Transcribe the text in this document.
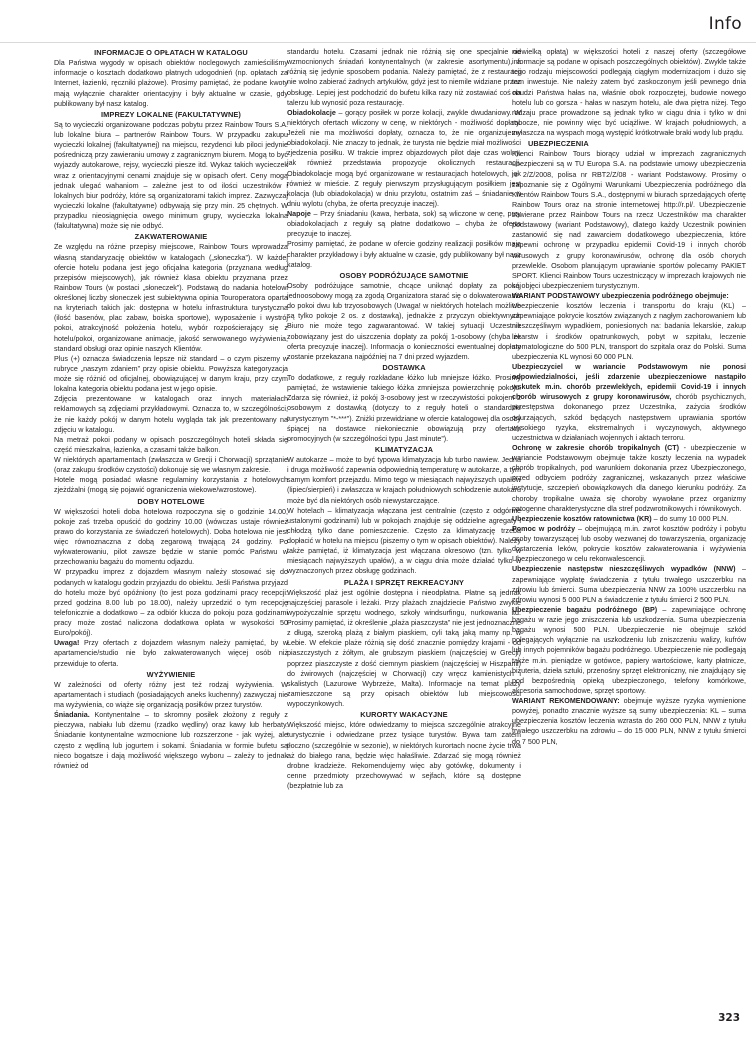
Info
INFORMACJE O OPŁATACH W KATALOGU

Dla Państwa wygody w opisach obiektów noclegowych zamieściliśmy informacje o kosztach dodatkowo płatnych udogodnień (np. opłatach za Internet, łazienki, ręczniki plażowe). Prosimy pamiętać, że podane kwoty mają wyłącznie charakter orientacyjny i były aktualne w czasie, gdy publikowany był nasz katalog.

IMPREZY LOKALNE (FAKULTATYWNE)

Są to wycieczki organizowane podczas pobytu przez Rainbow Tours S.A. lub lokalne biura – partnerów Rainbow Tours. W przypadku zakupu wycieczki lokalnej (fakultatywnej) na miejscu, rezydenci lub piloci jedynie pośredniczą przy zawieraniu umowy z zagranicznym biurem. Mogą to być wyjazdy autokarowe, rejsy, wycieczki piesze itd. Wykaz takich wycieczek wraz z orientacyjnymi cenami znajduje się w opisach ofert. Ceny mogą jednak ulegać wahaniom – zależne jest to od ilości uczestników i lokalnych biur podróży, które są organizatorami takich imprez. Zazwyczaj wycieczki lokalne (fakultatywne) odbywają się przy min. 25 chętnych. W przypadku nieosiągnięcia owego minimum grupy, wycieczka lokalna (fakultatywna) może się nie odbyć.

ZAKWATEROWANIE

Ze względu na różne przepisy miejscowe, Rainbow Tours wprowadza własną standaryzację obiektów w katalogach („słoneczka”). W każdej ofercie hotelu podana jest jego oficjalna kategoria (przyznana według przepisów miejscowych), jak również klasa obiektu przyznana przez Rainbow Tours (w postaci „słoneczek”). Podstawą do nadania hotelowi określonej liczby słoneczek jest subiektywna opinia Touroperatora oparta na kryteriach takich jak: dostępna w hotelu infrastruktura turystyczna (ilość basenów, plac zabaw, boiska sportowe), wyposażenie i wystrój pokoi, atrakcyjność położenia hotelu, wybór rozpościerający się z hotelu/pokoi, organizowane animacje, jakość serwowanego wyżywienia, standard obsługi oraz opinie naszych Klientów.

Plus (+) oznacza świadczenia lepsze niż standard – o czym piszemy w rubryce „naszym zdaniem” przy opisie obiektu. Powyższa kategoryzacja może się różnić od oficjalnej, obowiązującej w danym kraju, przy czym lokalna kategoria obiektu podana jest w jego opisie.

Zdjęcia prezentowane w katalogach oraz innych materiałach reklamowych są zdjęciami przykładowymi. Oznacza to, w szczególności, że nie każdy pokój w danym hotelu wygląda tak jak prezentowany na zdjęciu w katalogu.

Na metraż pokoi podany w opisach poszczególnych hoteli składa się część mieszkalna, łazienka, a czasami także balkon.

W niektórych apartamentach (zwłaszcza w Grecji i Chorwacji) sprzątanie (oraz zakupu środków czystości) dokonuje się we własnym zakresie.

Hotele mogą posiadać własne regulaminy korzystania z hotelowych zjeżdżalni (mogą się pojawić ograniczenia wiekowe/wzrostowe).

DOBY HOTELOWE

W większości hoteli doba hotelowa rozpoczyna się o godzinie 14.00, pokoje zaś trzeba opuścić do godziny 10.00 (wówczas ustaje również prawo do korzystania ze świadczeń hotelowych). Doba hotelowa nie jest więc równoznaczna z dobą zegarową trwającą 24 godziny. Po wykwaterowaniu, pilot zawsze będzie w stanie pomóc Państwu w przechowaniu bagażu do momentu odjazdu.

W przypadku imprez z dojazdem własnym należy stosować się do podanych w katalogu godzin przyjazdu do obiektu. Jeśli Państwa przyjazd do hotelu może być opóźniony (to jest poza godzinami pracy recepcji: przed godzina 8.00 lub po 18.00), należy uprzedzić o tym recepcję telefonicznie a dodatkowo – za odbiór klucza do pokoju poza godzinami pracy może zostać naliczona dodatkowa opłata w wysokości 50 Euro/pokój).

Uwaga! Przy ofertach z dojazdem własnym należy pamiętać, by w apartamencie/studio nie było zakwaterowanych więcej osób niż przewiduje to oferta.

WYŻYWIENIE

W zależności od oferty różny jest też rodzaj wyżywienia. W apartamentach i studiach (posiadających aneks kuchenny) zazwyczaj nie ma wyżywienia, co wiąże się organizacją posiłków przez turystów.

Śniadania. Kontynentalne – to skromny posiłek złożony z reguły z pieczywa, nabiału lub dżemu (rzadko wędliny) oraz kawy lub herbaty. Śniadanie kontynentalne wzmocnione lub rozszerzone - jak wyżej, ale często z wędliną lub jogurtem i sokami. Śniadania w formie bufetu są nieco bogatsze i dają możliwość większego wyboru – zależy to jednak również od

standardu hotelu. Czasami jednak nie różnią się one specjalnie od wzmocnionych śniadań kontynentalnych (w zakresie asortymentu), a różnią się jedynie sposobem podania. Należy pamiętać, że z restauracji nie wolno zabierać żadnych artykułów, gdyż jest to niemile widziane przez obsługę. Lepiej jest podchodzić do bufetu kilka razy niż zostawiać coś na talerzu lub wynosić poza restaurację.

Obiadokolacje – gorący posiłek w porze kolacji, zwykle dwudaniowy. W niektórych ofertach wliczony w cenę, w niektórych - możliwość dopłaty. Jeżeli nie ma możliwości dopłaty, oznacza to, że nie organizujemy obiadokolacji. Nie znaczy to jednak, że turysta nie będzie miał możliwości zjedzenia posiłku. W trakcie imprez objazdowych pilot daje czas wolny, jak również przedstawia propozycje okolicznych restauracji. Obiadokolacje mogą być organizowane w restauracjach hotelowych, jak również w mieście. Z reguły pierwszym przysługującym posiłkiem jest kolacja (lub obiadokolacja) w dniu przylotu, ostatnim zaś – śniadanie w dniu wylotu (chyba, że oferta precyzuje inaczej).

Napoje – Przy śniadaniu (kawa, herbata, sok) są wliczone w cenę, przy obiadokolacjach z reguły są płatne dodatkowo – chyba że oferta precyzuje to inaczej.

Prosimy pamiętać, że podane w ofercie godziny realizacji posiłków mają charakter przykładowy i były aktualne w czasie, gdy publikowany był nasz katalog.

OSOBY PODRÓŻUJĄCE SAMOTNIE

Osoby podróżujące samotnie, chcące uniknąć dopłaty za pokój jednoosobowy mogą za zgodą Organizatora starać się o dokwaterowanie do pokoi dwu lub trzyosobowych (Uwaga! w niektórych hotelach możliwe są tylko pokoje 2 os. z dostawką), jednakże z przyczyn obiektywnych Biuro nie może tego zagwarantować. W takiej sytuacji Uczestnik zobowiązany jest do uiszczenia dopłaty za pokój 1-osobowy (chyba że oferta precyzuje inaczej). Informacja o konieczności ewentualnej dopłaty zostanie przekazana najpóźniej na 7 dni przed wyjazdem.

DOSTAWKA

To dodatkowe, z reguły rozkładane łóżko lub mniejsze łóżko. Prosimy pamiętać, że wstawienie takiego łóżka zmniejsza powierzchnię pokoju. Zdarza się również, iż pokój 3-osobowy jest w rzeczywistości pokojem 2 osobowym z dostawką (dotyczy to z reguły hoteli o standardzie turystycznym "*-***"). Zniżki przewidziane w ofercie katalogowej dla osoby śpiącej na dostawce niekoniecznie obowiązują przy ofertach promocyjnych (w szczególności typu „last minute”).

KLIMATYZACJA

W autokarze – może to być typowa klimatyzacja lub turbo nawiew. Jedna i druga możliwość zapewnia odpowiednią temperaturę w autokarze, a tym samym komfort przejazdu. Mimo tego w miesiącach najwyższych upałów (lipiec/sierpień) i zwłaszcza w krajach południowych schłodzenie autokaru może być dla niektórych osób niewystarczające.

W hotelach – klimatyzacja włączana jest centralnie (często z odgórnie ustalonymi godzinami) lub w pokojach znajduje się oddzielne agregaty i chłodzą tylko dane pomieszczenie. Często za klimatyzację trzeba dopłacić w hotelu na miejscu (piszemy o tym w opisach obiektów). Należy także pamiętać, iż klimatyzacja jest włączana okresowo (tzn. tylko w miesiącach najwyższych upałów), a w ciągu dnia może działać tylko w wyznaczonych przez obsługę godzinach.

PLAŻA I SPRZĘT REKREACYJNY

Większość plaż jest ogólnie dostępna i nieodpłatna. Płatne są jednak najczęściej parasole i leżaki. Przy plażach znajdziecie Państwo zwykle wypożyczalnie sprzętu wodnego, szkoły windsurfingu, nurkowania itd. Prosimy pamiętać, iż określenie „plaża piaszczysta” nie jest jednoznaczne z długą, szeroką plażą z białym piaskiem, cyli taką jaką mamy np. w Łebie. W efekcie plaże różnią się dość znacznie pomiędzy krajami - od piaszczystych z żółtym, ale grubszym piaskiem (najczęściej w Grecji) poprzez piaszczyste z dość ciemnym piaskiem (najczęściej w Hiszpanii) do żwirowych (najczęściej w Chorwacji) czy wręcz kamienistych i skalistych (Lazurowe Wybrzeże, Malta). Informacje na temat plaży zamieszczone są przy opisach obiektów lub miejscowości wypoczynkowych.

KURORTY WAKACYJNE

Większość miejsc, które odwiedzamy to miejsca szczególnie atrakcyjne turystycznie i odwiedzane przez tysiące turystów. Bywa tam zatem tłoczno (szczególnie w sezonie), w niektórych kurortach nocne życie trwa aż do białego rana, będzie więc hałaśliwie. Zdarzać się mogą również drobne kradzieże. Rekomendujemy więc aby gotówkę, dokumenty i cenne przedmioty przechowywać w sejfach, które są dostępne (bezpłatnie lub za

niewielką opłatą) w większości hoteli z naszej oferty (szczegółowe informacje są podane w opisach poszczególnych obiektów). Zwykle także tego rodzaju miejscowości podlegają ciągłym modernizacjom i dużo się tam inwestuje. Nie należy zatem być zaskoczonym jeśli pewnego dnia obudzi Państwa hałas na, właśnie obok rozpoczętej, budowie nowego hotelu lub co gorsza - hałas w naszym hotelu, ale dwa piętra niżej. Tego rodzaju prace prowadzone są jednak tylko w ciągu dnia i tylko w dni robocze, nie powinny więc być uciążliwe. W krajach południowych, a zwłaszcza na wyspach mogą występić krótkotrwałe braki wody lub prądu.

UBEZPIECZENIA

Klienci Rainbow Tours biorący udział w imprezach zagranicznych ubezpieczeni są w TU Europa S.A. na podstawie umowy ubezpieczenia nr 2/Z/2008, polisa nr RBT2/Z/08 - wariant Podstawowy. Prosimy o zapoznanie się z Ogólnymi Warunkami Ubezpieczenia podróżnego dla Klientów Rainbow Tours S.A., dostępnymi w biurach sprzedających ofertę Rainbow Tours oraz na stronie internetowej http://r.pl/. Ubezpieczenie zawierane przez Rainbow Tours na rzecz Uczestników ma charakter podstawowy (wariant Podstawowy), dlatego każdy Uczestnik powinien zastanowić się nad zawarciem dodatkowego ubezpieczenia, które zapewni ochronę w przypadku epidemii Covid-19 i innych chorób wirusowych z grupy koronawirusów, ochronę dla osób chorych przewlekle. Osobom planującym uprawianie sportów polecamy PAKIET SPORT. Klienci Rainbow Tours uczestniczący w imprezach krajowych nie są objęci ubezpieczeniem turystycznym.

WARIANT PODSTAWOWY ubezpieczenia podróżnego obejmuje:

Ubezpieczenie kosztów leczenia i transportu do kraju (KL) – zapewniające pokrycie kosztów związanych z nagłym zachorowaniem lub nieszczęśliwym wypadkiem, poniesionych na: badania lekarskie, zakup lekarstw i środków opatrunkowych, pobyt w szpitalu, leczenie stomatologiczne do 500 PLN, transport do szpitala oraz do Polski. Suma ubezpieczenia KL wynosi 60 000 PLN.

Ubezpieczyciel w wariancie Podstawowym nie ponosi odpowiedzialności, jeśli zdarzenie ubezpieczeniowe nastąpiło wskutek m.in. chorób przewlekłych, epidemii Covid-19 i innych chorób wirusowych z grupy koronawirusów, chorób psychicznych, przestępstwa dokonanego przez Uczestnika, zażycia środków odurzających, szkód będących następstwem uprawiania sportów wysokiego ryzyka, ekstremalnych i wyczynowych, aktywnego uczestnictwa w działaniach wojennych i aktach terroru.

Ochronę w zakresie chorób tropikalnych (CT) - ubezpieczenie w wariancie Podstawowym obejmuje także koszty leczenia na wypadek chorób tropikalnych, pod warunkiem dokonania przez Ubezpieczonego, przed odbyciem podróży zagranicznej, wskazanych przez właściwe instytucje, szczepień obowiązkowych dla danego kierunku podróży. Za choroby tropikalne uważa się choroby wywołane przez organizmy patogenne charakterystyczne dla stref podzwrotnikowych i równikowych.

Ubezpieczenie kosztów ratownictwa (KR) – do sumy 10 000 PLN.

Pomoc w podróży – obejmującą m.in. zwrot kosztów podróży i pobytu osoby towarzyszącej lub osoby wezwanej do towarzyszenia, organizację dostarczenia leków, pokrycie kosztów zakwaterowania i wyżywienia Ubezpieczonego w celu rekonwalescencji.

Ubezpieczenie następstw nieszczęśliwych wypadków (NNW) – zapewniające wypłatę świadczenia z tytułu trwałego uszczerbku na zdrowiu lub śmierci. Suma ubezpieczenia NNW za 100% uszczerbku na zdrowiu wynosi 5 000 PLN a świadczenie z tytułu śmierci 2 500 PLN.

Ubezpieczenie bagażu podróżnego (BP) – zapewniające ochronę bagażu w razie jego zniszczenia lub uszkodzenia. Suma ubezpieczenia bagażu wynosi 500 PLN. Ubezpieczenie nie obejmuje szkód polegających wyłącznie na uszkodzeniu lub zniszczeniu walizy, kufrów lub innych pojemników bagażu podróżnego. Ubezpieczenie nie podlegają także m.in. pieniądze w gotówce, papiery wartościowe, karty płatnicze, biżuteria, dzieła sztuki, przenośny sprzęt elektroniczny, nie znajdujący się pod bezpośrednią opieką ubezpieczonego, telefony komórkowe, akcesoria samochodowe, sprzęt sportowy.

WARIANT REKOMENDOWANY: obejmuje wyższe ryzyka wymienione powyżej, ponadto znacznie wyższe są sumy ubezpieczenia: KL – suma ubezpieczenia kosztów leczenia wzrasta do 260 000 PLN, NNW z tytułu trwałego uszczerbku na zdrowiu – do 15 000 PLN, NNW z tytułu śmierci do 7 500 PLN,

323
